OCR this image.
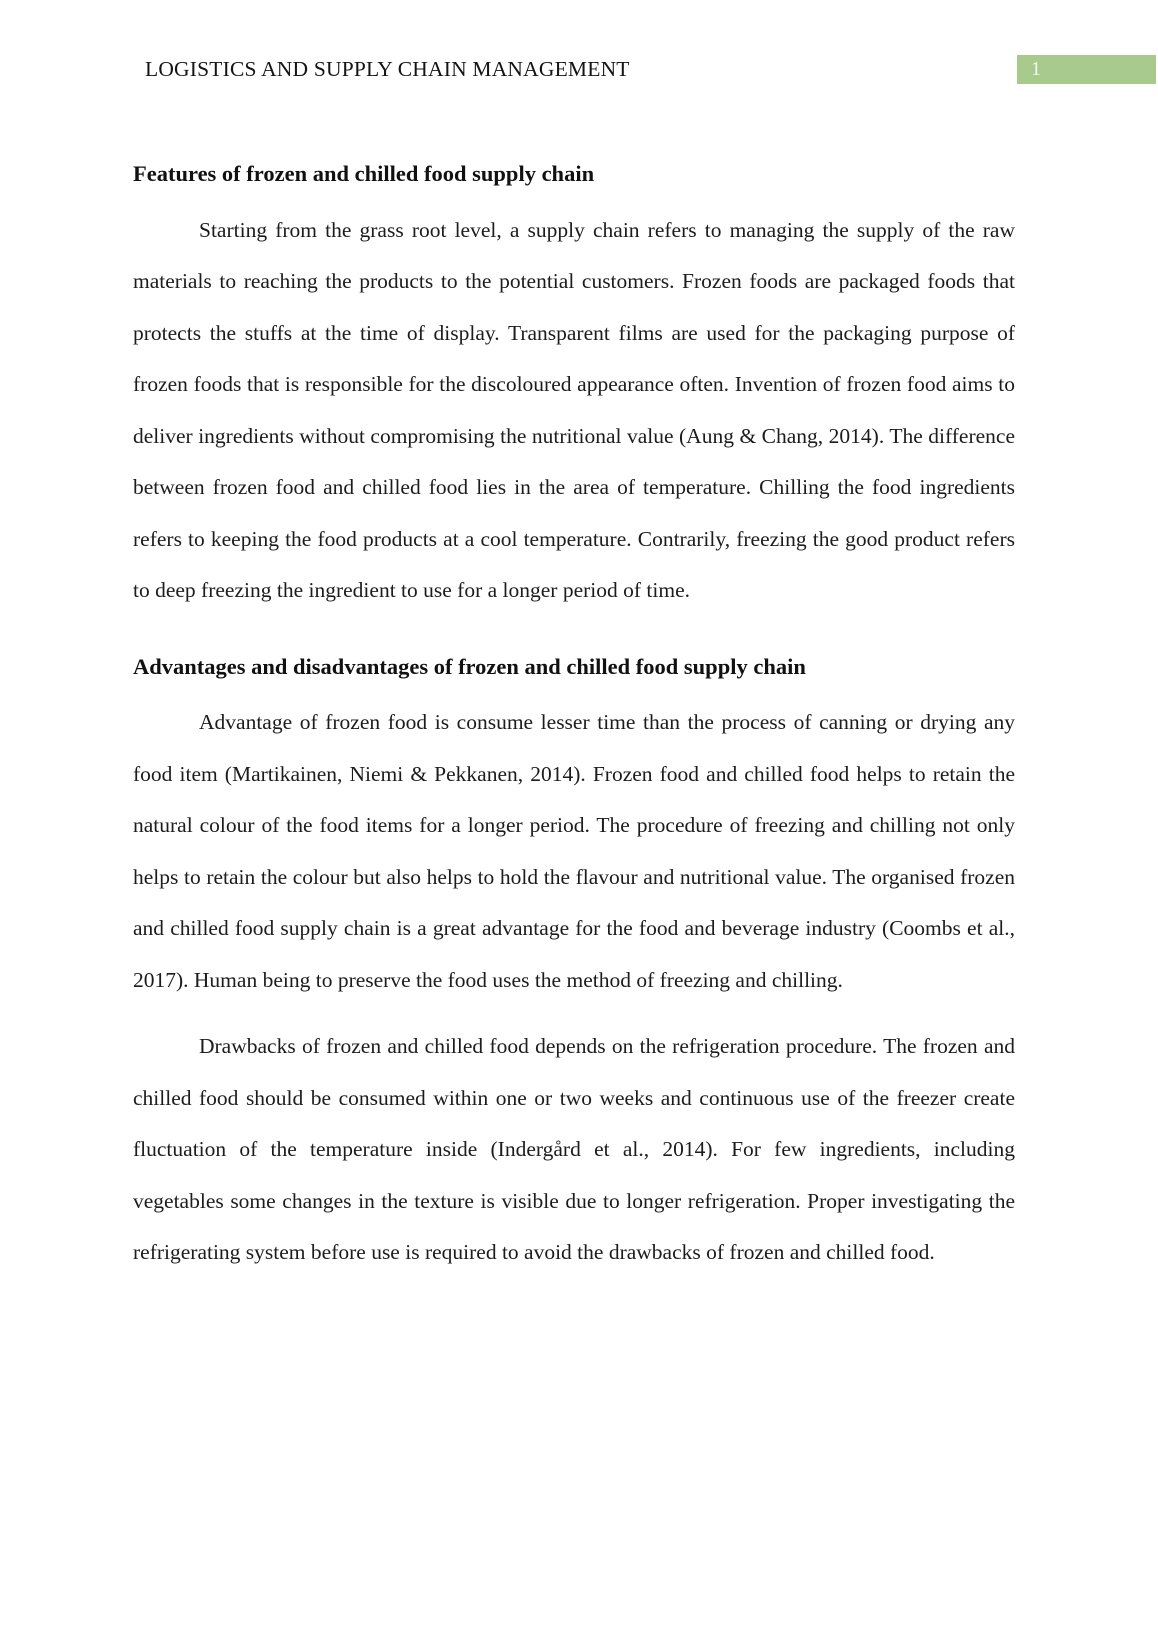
LOGISTICS AND SUPPLY CHAIN MANAGEMENT	1
Features of frozen and chilled food supply chain

Starting from the grass root level, a supply chain refers to managing the supply of the raw materials to reaching the products to the potential customers. Frozen foods are packaged foods that protects the stuffs at the time of display. Transparent films are used for the packaging purpose of frozen foods that is responsible for the discoloured appearance often. Invention of frozen food aims to deliver ingredients without compromising the nutritional value (Aung & Chang, 2014). The difference between frozen food and chilled food lies in the area of temperature. Chilling the food ingredients refers to keeping the food products at a cool temperature. Contrarily, freezing the good product refers to deep freezing the ingredient to use for a longer period of time.

Advantages and disadvantages of frozen and chilled food supply chain

Advantage of frozen food is consume lesser time than the process of canning or drying any food item (Martikainen, Niemi & Pekkanen, 2014). Frozen food and chilled food helps to retain the natural colour of the food items for a longer period. The procedure of freezing and chilling not only helps to retain the colour but also helps to hold the flavour and nutritional value. The organised frozen and chilled food supply chain is a great advantage for the food and beverage industry (Coombs et al., 2017). Human being to preserve the food uses the method of freezing and chilling.

Drawbacks of frozen and chilled food depends on the refrigeration procedure. The frozen and chilled food should be consumed within one or two weeks and continuous use of the freezer create fluctuation of the temperature inside (Indergård et al., 2014). For few ingredients, including vegetables some changes in the texture is visible due to longer refrigeration. Proper investigating the refrigerating system before use is required to avoid the drawbacks of frozen and chilled food.
